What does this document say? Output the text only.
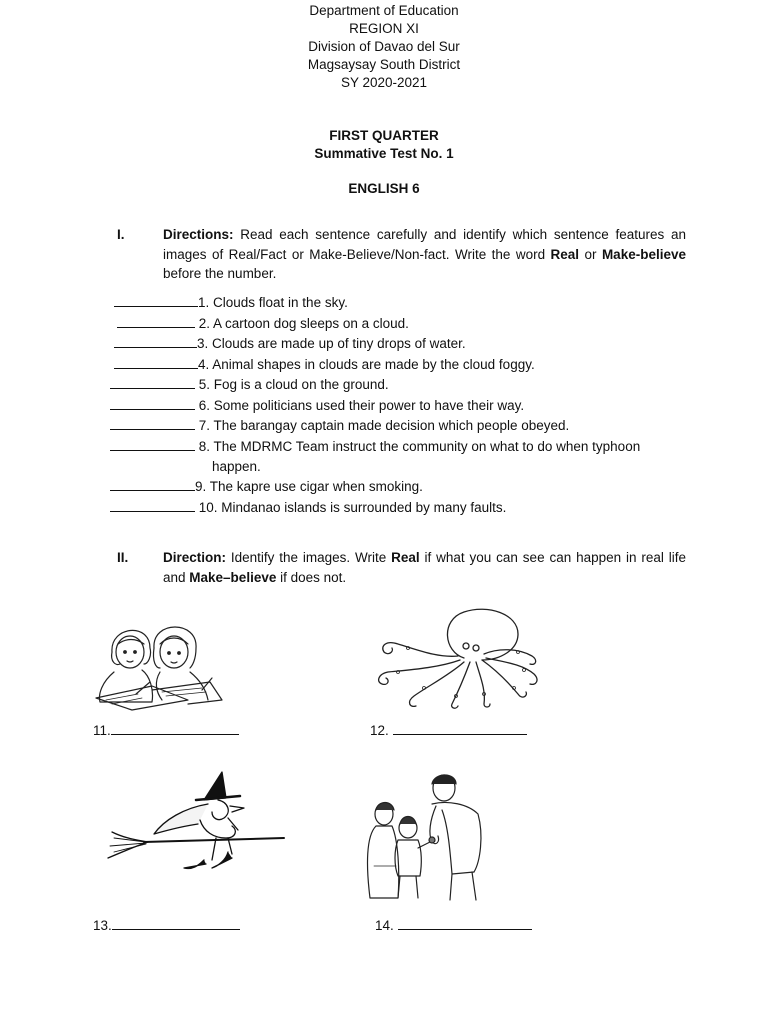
Department of Education
REGION XI
Division of Davao del Sur
Magsaysay South District
SY 2020-2021
FIRST QUARTER
Summative Test No. 1
ENGLISH 6
I.	Directions: Read each sentence carefully and identify which sentence features an images of Real/Fact or Make-Believe/Non-fact. Write the word Real or Make-believe before the number.
1. Clouds float in the sky.
2. A cartoon dog sleeps on a cloud.
3. Clouds are made up of tiny drops of water.
4. Animal shapes in clouds are made by the cloud foggy.
5. Fog is a cloud on the ground.
6. Some politicians used their power to have their way.
7. The barangay captain made decision which people obeyed.
8. The MDRMC Team instruct the community on what to do when typhoon
happen.
9. The kapre use cigar when smoking.
10. Mindanao islands is surrounded by many faults.
II.	Direction: Identify the images. Write Real if what you can see can happen in real life and Make–believe if does not.
11.	12.
13.	14.
